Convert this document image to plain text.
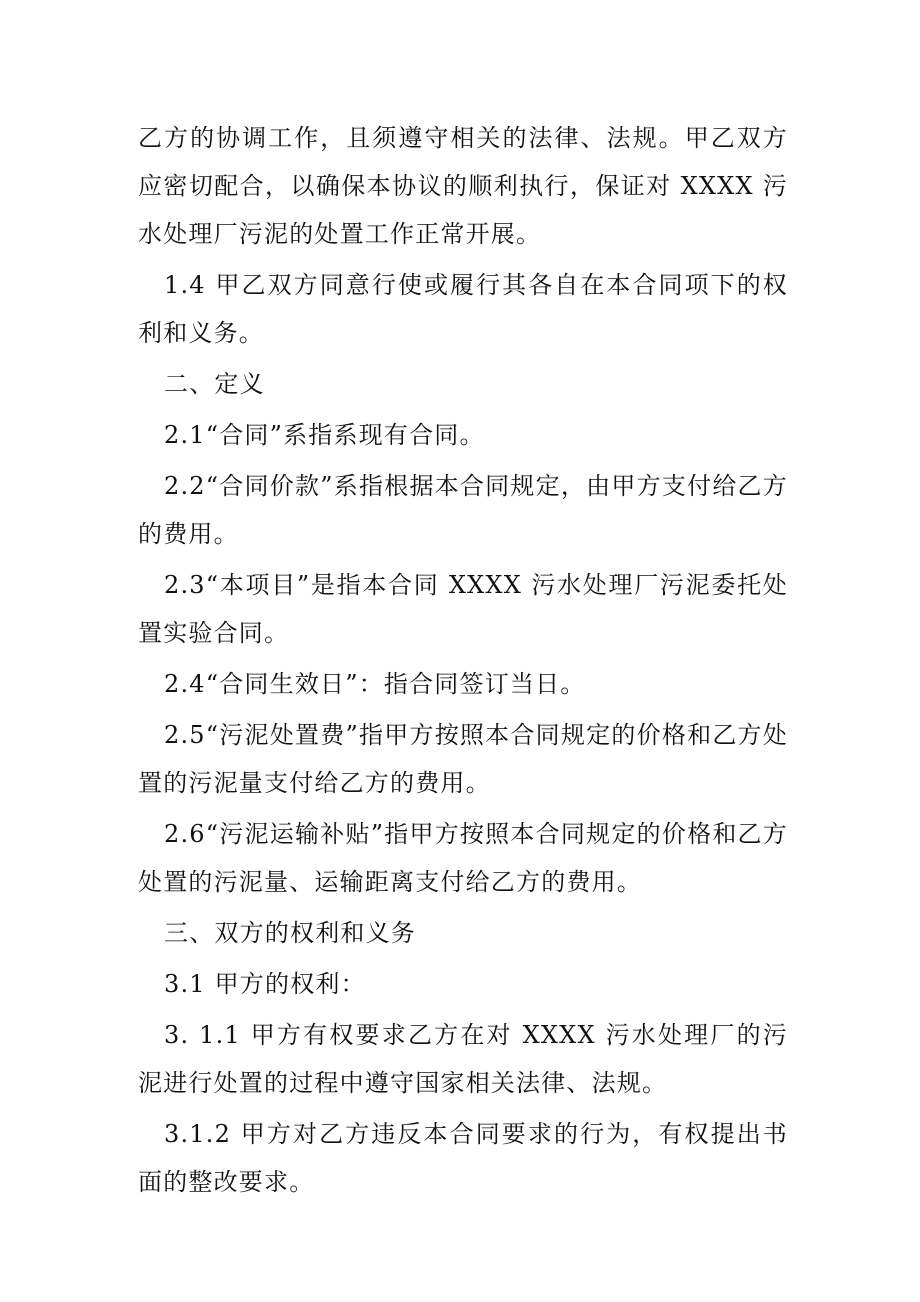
乙方的协调工作，且须遵守相关的法律、法规。甲乙双方应密切配合，以确保本协议的顺利执行，保证对 XXXX 污水处理厂污泥的处置工作正常开展。

1.4 甲乙双方同意行使或履行其各自在本合同项下的权利和义务。

二、定义

2.1“合同”系指系现有合同。

2.2“合同价款”系指根据本合同规定，由甲方支付给乙方的费用。

2.3“本项目”是指本合同 XXXX 污水处理厂污泥委托处置实验合同。

2.4“合同生效日”：指合同签订当日。

2.5“污泥处置费”指甲方按照本合同规定的价格和乙方处置的污泥量支付给乙方的费用。

2.6“污泥运输补贴”指甲方按照本合同规定的价格和乙方处置的污泥量、运输距离支付给乙方的费用。

三、双方的权利和义务

3.1 甲方的权利：

3. 1.1 甲方有权要求乙方在对 XXXX 污水处理厂的污泥进行处置的过程中遵守国家相关法律、法规。

3.1.2 甲方对乙方违反本合同要求的行为，有权提出书面的整改要求。
